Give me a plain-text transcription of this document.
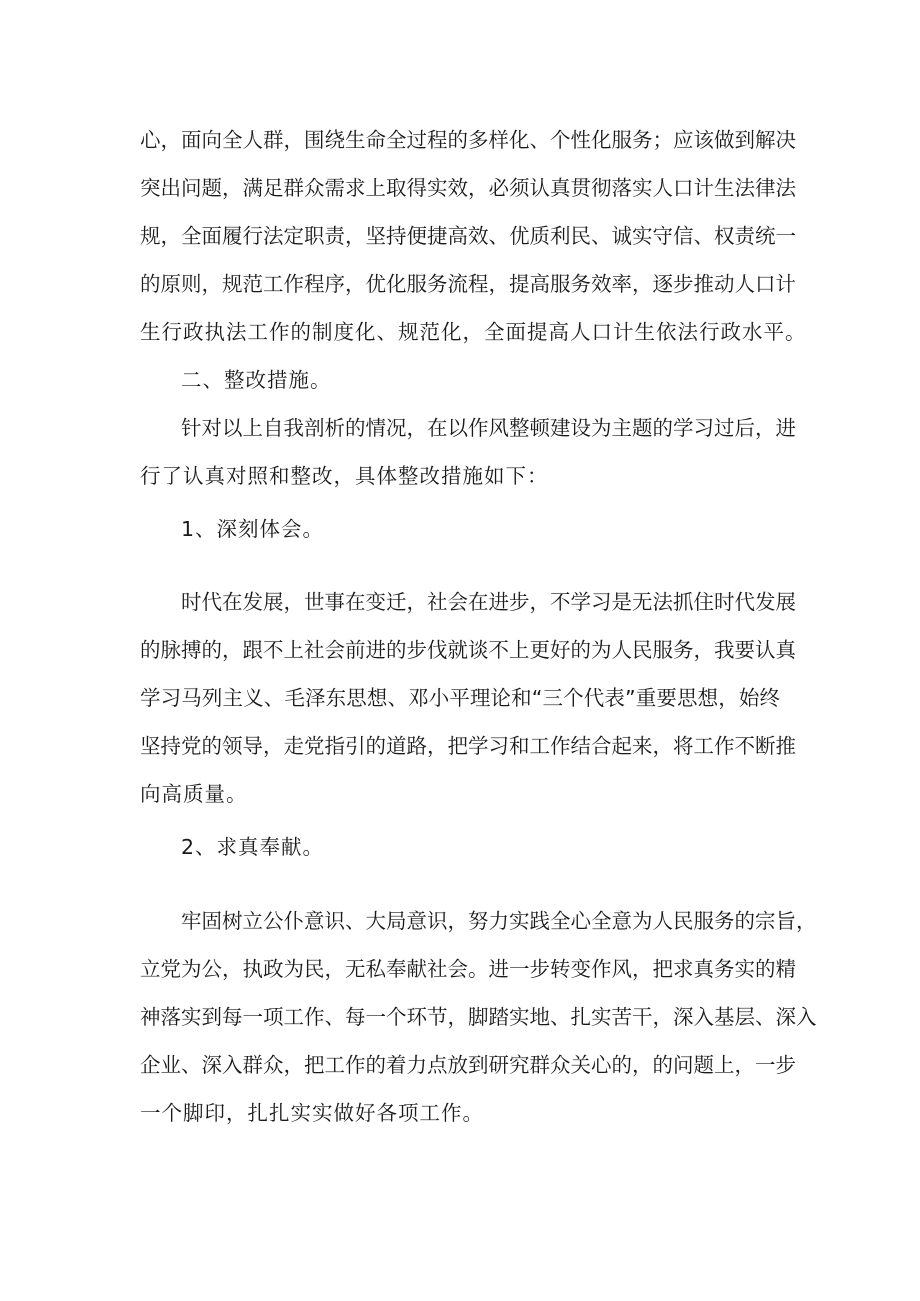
心，面向全人群，围绕生命全过程的多样化、个性化服务；应该做到解决
突出问题，满足群众需求上取得实效，必须认真贯彻落实人口计生法律法
规，全面履行法定职责，坚持便捷高效、优质利民、诚实守信、权责统一
的原则，规范工作程序，优化服务流程，提高服务效率，逐步推动人口计
生行政执法工作的制度化、规范化，全面提高人口计生依法行政水平。
二、整改措施。
针对以上自我剖析的情况，在以作风整顿建设为主题的学习过后，进
行了认真对照和整改，具体整改措施如下：
1、深刻体会。
时代在发展，世事在变迁，社会在进步，不学习是无法抓住时代发展
的脉搏的，跟不上社会前进的步伐就谈不上更好的为人民服务，我要认真
学习马列主义、毛泽东思想、邓小平理论和“三个代表”重要思想，始终
坚持党的领导，走党指引的道路，把学习和工作结合起来，将工作不断推
向高质量。
2、求真奉献。
牢固树立公仆意识、大局意识，努力实践全心全意为人民服务的宗旨，
立党为公，执政为民，无私奉献社会。进一步转变作风，把求真务实的精
神落实到每一项工作、每一个环节，脚踏实地、扎实苦干，深入基层、深入
企业、深入群众，把工作的着力点放到研究群众关心的，的问题上，一步
一个脚印，扎扎实实做好各项工作。
